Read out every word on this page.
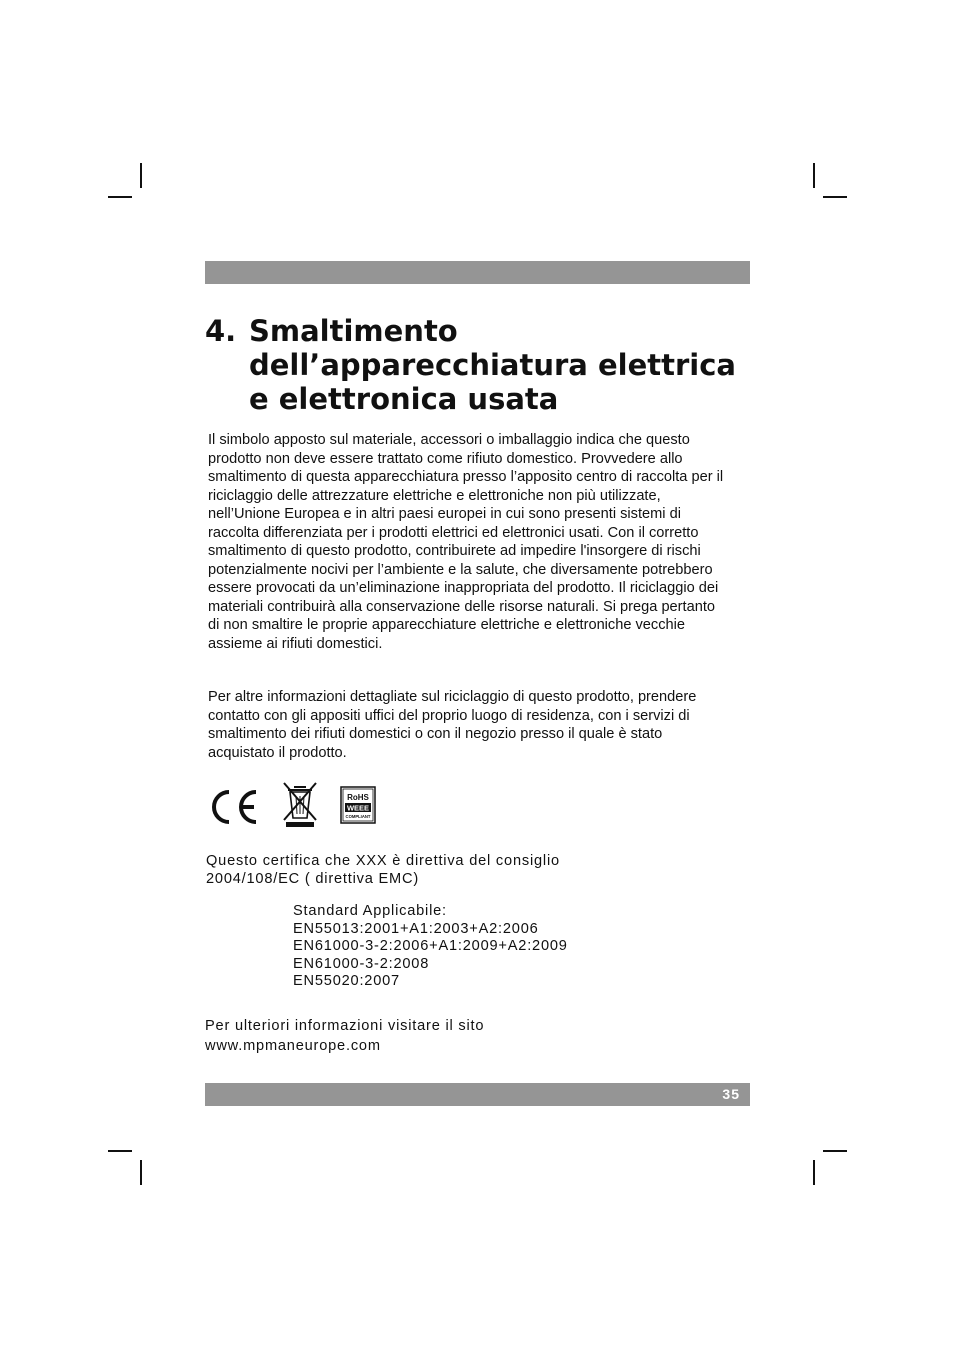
4. Smaltimento
dell’apparecchiatura elettrica
e elettronica usata

Il simbolo apposto sul materiale, accessori o imballaggio indica che questo prodotto non deve essere trattato come rifiuto domestico. Provvedere allo smaltimento di questa apparecchiatura presso l’apposito centro di raccolta per il riciclaggio delle attrezzature elettriche e elettroniche non più utilizzate, nell’Unione Europea e in altri paesi europei in cui sono presenti sistemi di raccolta differenziata per i prodotti elettrici ed elettronici usati. Con il corretto smaltimento di questo prodotto, contribuirete ad impedire l'insorgere di rischi potenzialmente nocivi per l’ambiente e la salute, che diversamente potrebbero essere provocati da un’eliminazione inappropriata del prodotto. Il riciclaggio dei materiali contribuirà alla conservazione delle risorse naturali. Si prega pertanto di non smaltire le proprie apparecchiature elettriche e elettroniche vecchie assieme ai rifiuti domestici.

Per altre informazioni dettagliate sul riciclaggio di questo prodotto, prendere contatto con gli appositi uffici del proprio luogo di residenza, con i servizi di smaltimento dei rifiuti domestici o con il negozio presso il quale è stato acquistato il prodotto.

RoHS
WEEE
COMPLIANT

Questo certifica che XXX è direttiva del consiglio
2004/108/EC ( direttiva EMC)

Standard Applicabile:
EN55013:2001+A1:2003+A2:2006
EN61000-3-2:2006+A1:2009+A2:2009
EN61000-3-2:2008
EN55020:2007

Per ulteriori informazioni visitare il sito
www.mpmaneurope.com

35
